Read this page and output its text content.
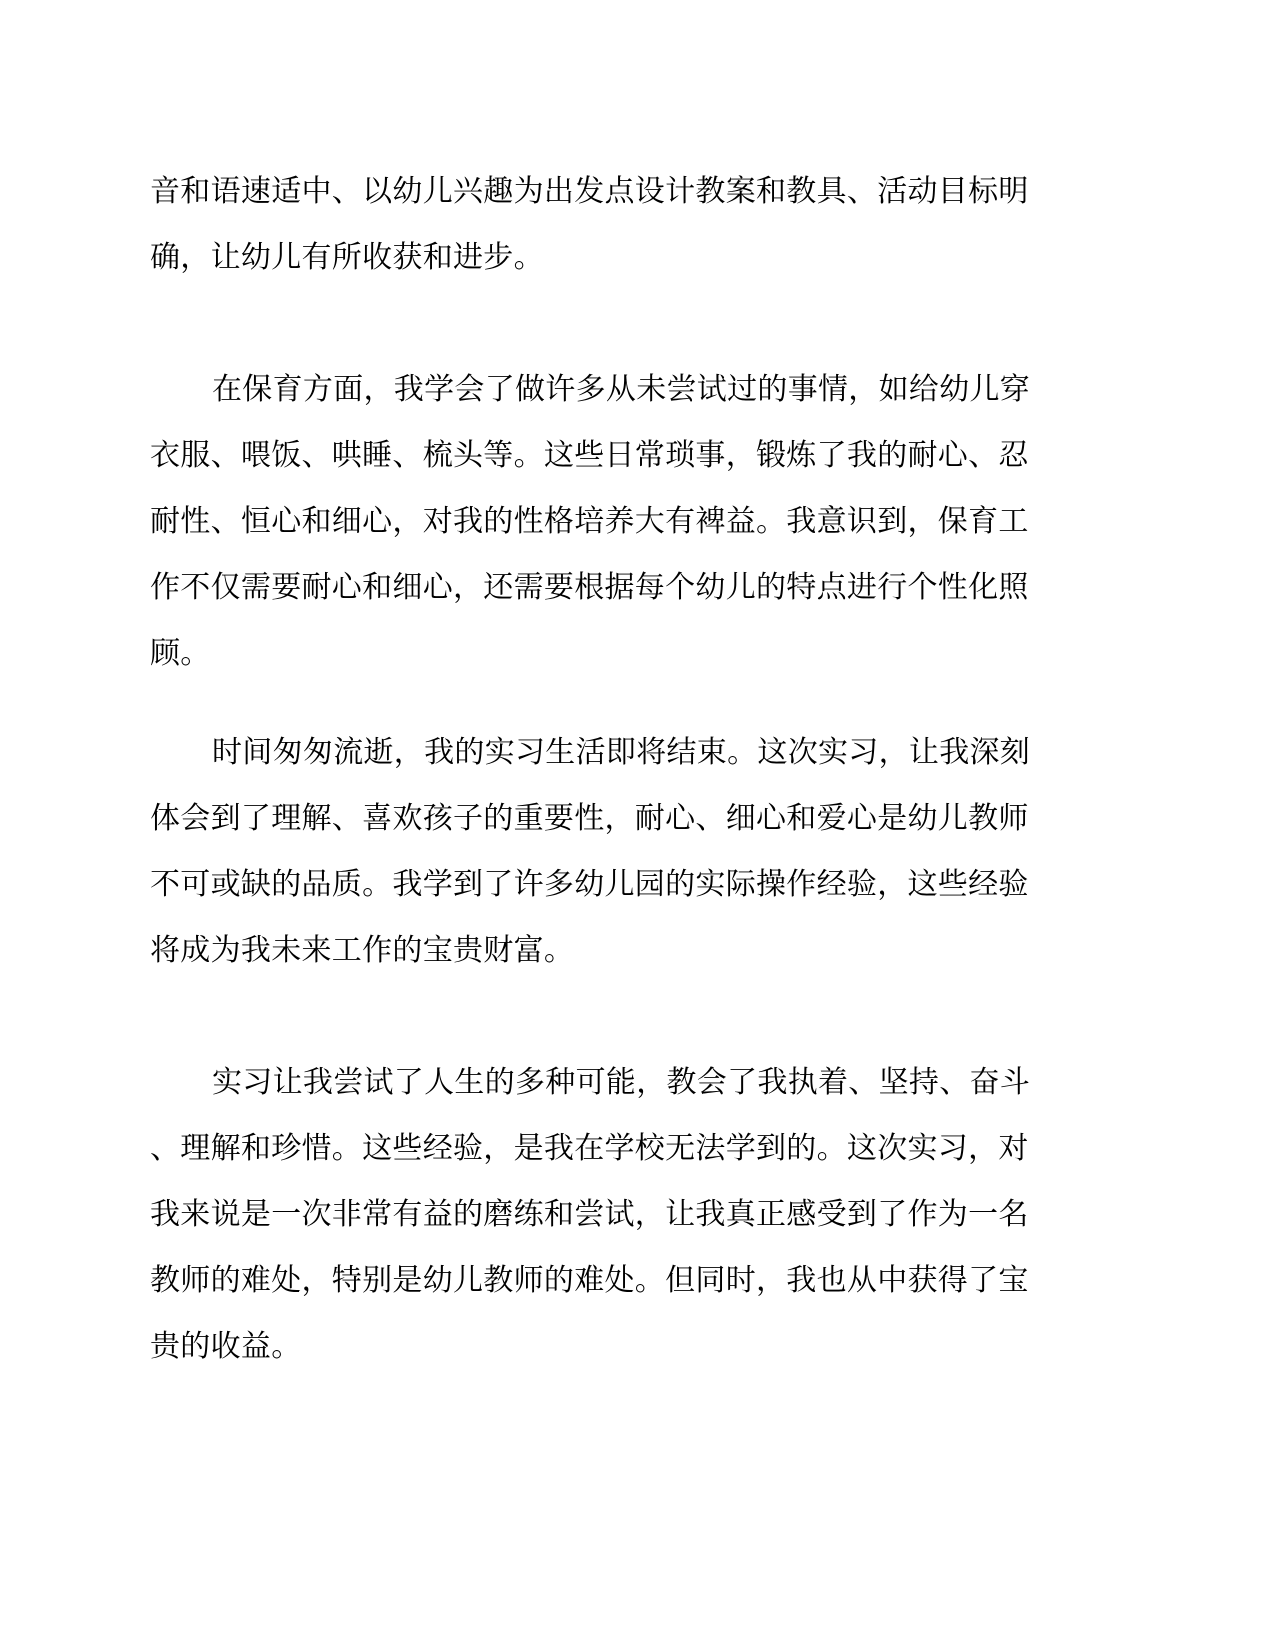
音和语速适中、以幼儿兴趣为出发点设计教案和教具、活动目标明
确，让幼儿有所收获和进步。

在保育方面，我学会了做许多从未尝试过的事情，如给幼儿穿
衣服、喂饭、哄睡、梳头等。这些日常琐事，锻炼了我的耐心、忍
耐性、恒心和细心，对我的性格培养大有裨益。我意识到，保育工
作不仅需要耐心和细心，还需要根据每个幼儿的特点进行个性化照
顾。

时间匆匆流逝，我的实习生活即将结束。这次实习，让我深刻
体会到了理解、喜欢孩子的重要性，耐心、细心和爱心是幼儿教师
不可或缺的品质。我学到了许多幼儿园的实际操作经验，这些经验
将成为我未来工作的宝贵财富。

实习让我尝试了人生的多种可能，教会了我执着、坚持、奋斗
、理解和珍惜。这些经验，是我在学校无法学到的。这次实习，对
我来说是一次非常有益的磨练和尝试，让我真正感受到了作为一名
教师的难处，特别是幼儿教师的难处。但同时，我也从中获得了宝
贵的收益。
